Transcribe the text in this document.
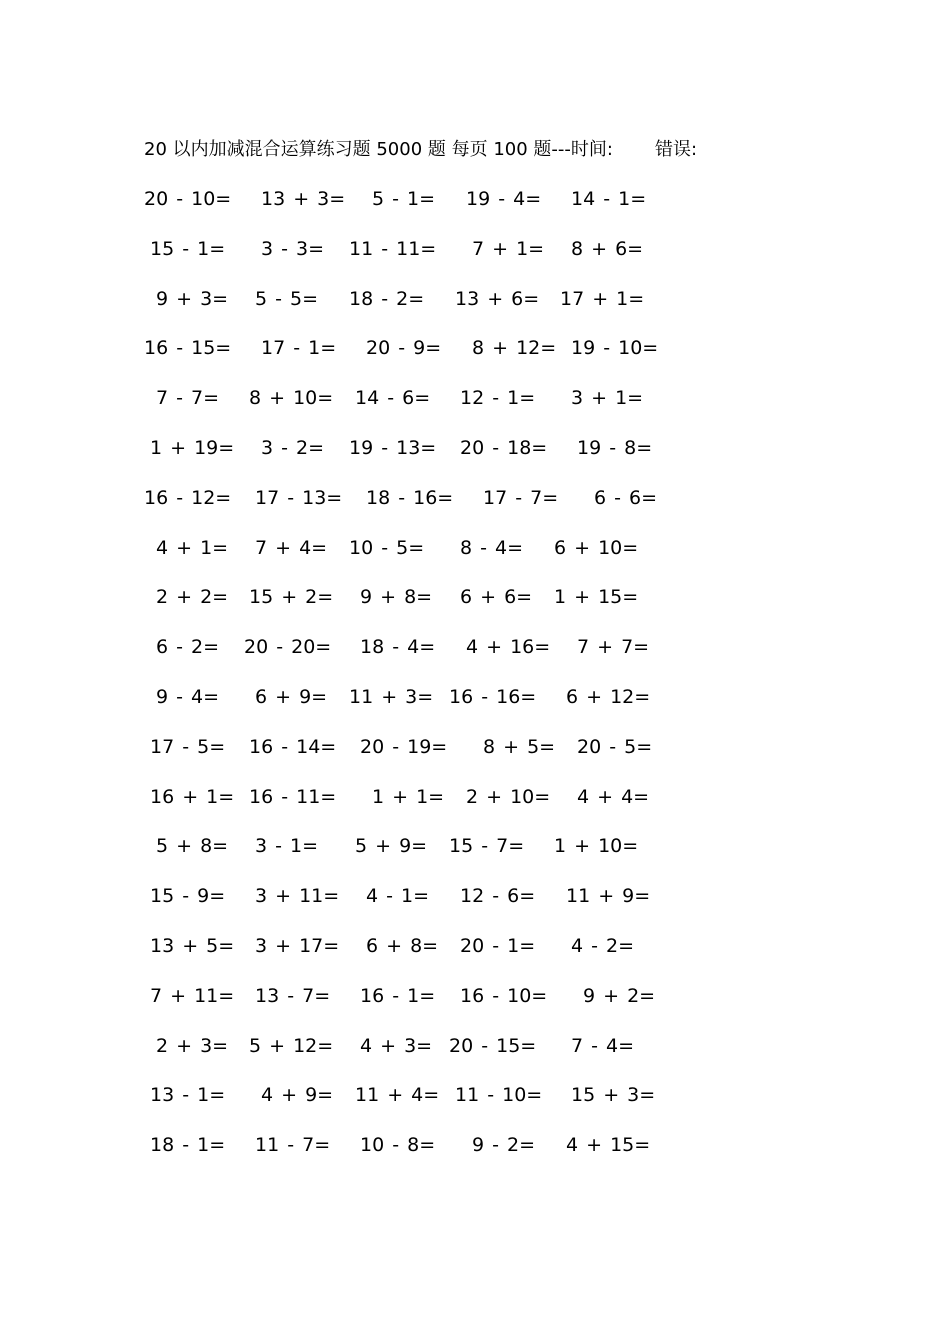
20 以内加减混合运算练习题 5000 题 每页 100 题---时间: 错误:
20 - 10= 13 + 3= 5 - 1= 19 - 4= 14 - 1=
15 - 1= 3 - 3= 11 - 11= 7 + 1= 8 + 6=
9 + 3= 5 - 5= 18 - 2= 13 + 6= 17 + 1=
16 - 15= 17 - 1= 20 - 9= 8 + 12= 19 - 10=
7 - 7= 8 + 10= 14 - 6= 12 - 1= 3 + 1=
1 + 19= 3 - 2= 19 - 13= 20 - 18= 19 - 8=
16 - 12= 17 - 13= 18 - 16= 17 - 7= 6 - 6=
4 + 1= 7 + 4= 10 - 5= 8 - 4= 6 + 10=
2 + 2= 15 + 2= 9 + 8= 6 + 6= 1 + 15=
6 - 2= 20 - 20= 18 - 4= 4 + 16= 7 + 7=
9 - 4= 6 + 9= 11 + 3= 16 - 16= 6 + 12=
17 - 5= 16 - 14= 20 - 19= 8 + 5= 20 - 5=
16 + 1= 16 - 11= 1 + 1= 2 + 10= 4 + 4=
5 + 8= 3 - 1= 5 + 9= 15 - 7= 1 + 10=
15 - 9= 3 + 11= 4 - 1= 12 - 6= 11 + 9=
13 + 5= 3 + 17= 6 + 8= 20 - 1= 4 - 2=
7 + 11= 13 - 7= 16 - 1= 16 - 10= 9 + 2=
2 + 3= 5 + 12= 4 + 3= 20 - 15= 7 - 4=
13 - 1= 4 + 9= 11 + 4= 11 - 10= 15 + 3=
18 - 1= 11 - 7= 10 - 8= 9 - 2= 4 + 15=
